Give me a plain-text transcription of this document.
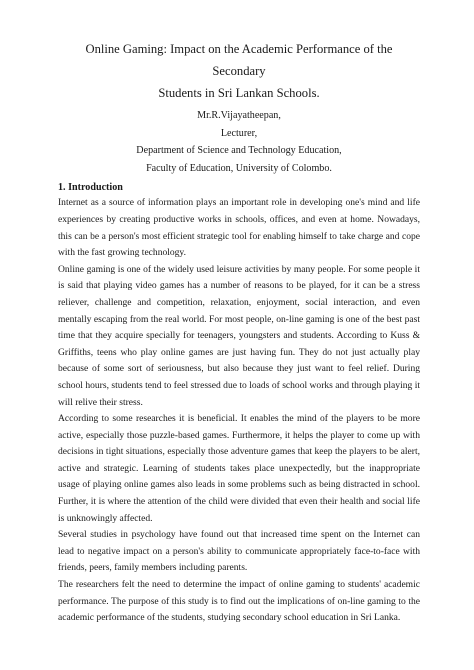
Online Gaming: Impact on the Academic Performance of the Secondary

Students in Sri Lankan Schools.

Mr.R.Vijayatheepan,

Lecturer,

Department of Science and Technology Education,

Faculty of Education, University of Colombo.

1. Introduction

Internet as a source of information plays an important role in developing one's mind and life experiences by creating productive works in schools, offices, and even at home. Nowadays, this can be a person's most efficient strategic tool for enabling himself to take charge and cope with the fast growing technology.

Online gaming is one of the widely used leisure activities by many people. For some people it is said that playing video games has a number of reasons to be played, for it can be a stress reliever, challenge and competition, relaxation, enjoyment, social interaction, and even mentally escaping from the real world. For most people, on-line gaming is one of the best past time that they acquire specially for teenagers, youngsters and students. According to Kuss & Griffiths, teens who play online games are just having fun. They do not just actually play because of some sort of seriousness, but also because they just want to feel relief. During school hours, students tend to feel stressed due to loads of school works and through playing it will relive their stress.

According to some researches it is beneficial. It enables the mind of the players to be more active, especially those puzzle-based games. Furthermore, it helps the player to come up with decisions in tight situations, especially those adventure games that keep the players to be alert, active and strategic. Learning of students takes place unexpectedly, but the inappropriate usage of playing online games also leads in some problems such as being distracted in school. Further, it is where the attention of the child were divided that even their health and social life is unknowingly affected.

Several studies in psychology have found out that increased time spent on the Internet can lead to negative impact on a person's ability to communicate appropriately face-to-face with friends, peers, family members including parents.

The researchers felt the need to determine the impact of online gaming to students' academic performance. The purpose of this study is to find out the implications of on-line gaming to the academic performance of the students, studying secondary school education in Sri Lanka.
